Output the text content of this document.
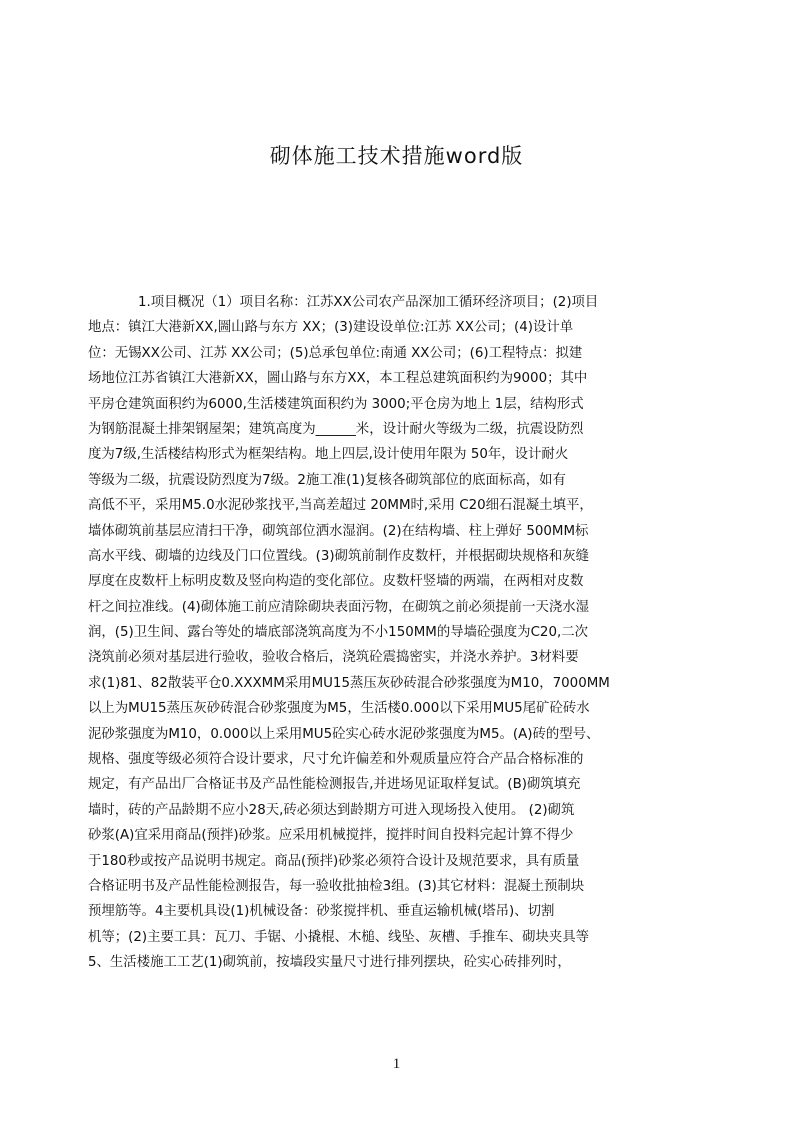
砌体施工技术措施word版
1.项目概况（1）项目名称：江苏XX公司农产品深加工循环经济项目；(2)项目
地点：镇江大港新XX,圌山路与东方 XX；(3)建设设单位:江苏 XX公司；(4)设计单
位：无锡XX公司、江苏 XX公司；(5)总承包单位:南通 XX公司；(6)工程特点：拟建
场地位江苏省镇江大港新XX，圌山路与东方XX，本工程总建筑面积约为9000；其中
平房仓建筑面积约为6000,生活楼建筑面积约为 3000;平仓房为地上 1层，结构形式
为钢筋混凝土排架钢屋架；建筑高度为______米，设计耐火等级为二级，抗震设防烈
度为7级,生活楼结构形式为框架结构。地上四层,设计使用年限为 50年，设计耐火
等级为二级，抗震设防烈度为7级。2施工准(1)复核各砌筑部位的底面标高，如有
高低不平，采用M5.0水泥砂浆找平,当高差超过 20MM时,采用 C20细石混凝土填平，
墙体砌筑前基层应清扫干净，砌筑部位洒水湿润。(2)在结构墙、柱上弹好 500MM标
高水平线、砌墙的边线及门口位置线。(3)砌筑前制作皮数杆，并根据砌块规格和灰缝
厚度在皮数杆上标明皮数及竖向构造的变化部位。皮数杆竖墙的两端，在两相对皮数
杆之间拉准线。(4)砌体施工前应清除砌块表面污物，在砌筑之前必须提前一天浇水湿
润，(5)卫生间、露台等处的墙底部浇筑高度为不小150MM的导墙砼强度为C20,二次
浇筑前必须对基层进行验收，验收合格后，浇筑砼震捣密实，并浇水养护。3材料要
求(1)81、82散装平仓0.XXXMM采用MU15蒸压灰砂砖混合砂浆强度为M10，7000MM
以上为MU15蒸压灰砂砖混合砂浆强度为M5，生活楼0.000以下采用MU5尾矿砼砖水
泥砂浆强度为M10，0.000以上采用MU5砼实心砖水泥砂浆强度为M5。(A)砖的型号、
规格、强度等级必须符合设计要求，尺寸允许偏差和外观质量应符合产品合格标准的
规定，有产品出厂合格证书及产品性能检测报告,并进场见证取样复试。(B)砌筑填充
墙时，砖的产品龄期不应小28天,砖必须达到龄期方可进入现场投入使用。 (2)砌筑
砂浆(A)宜采用商品(预拌)砂浆。应采用机械搅拌，搅拌时间自投料完起计算不得少
于180秒或按产品说明书规定。商品(预拌)砂浆必须符合设计及规范要求，具有质量
合格证明书及产品性能检测报告，每一验收批抽检3组。(3)其它材料：混凝土预制块
预埋筋等。4主要机具设(1)机械设备：砂浆搅拌机、垂直运输机械(塔吊)、切割
机等；(2)主要工具：瓦刀、手锯、小撬棍、木槌、线坠、灰槽、手推车、砌块夹具等
5、生活楼施工工艺(1)砌筑前，按墙段实量尺寸进行排列摆块，砼实心砖排列时，
1
